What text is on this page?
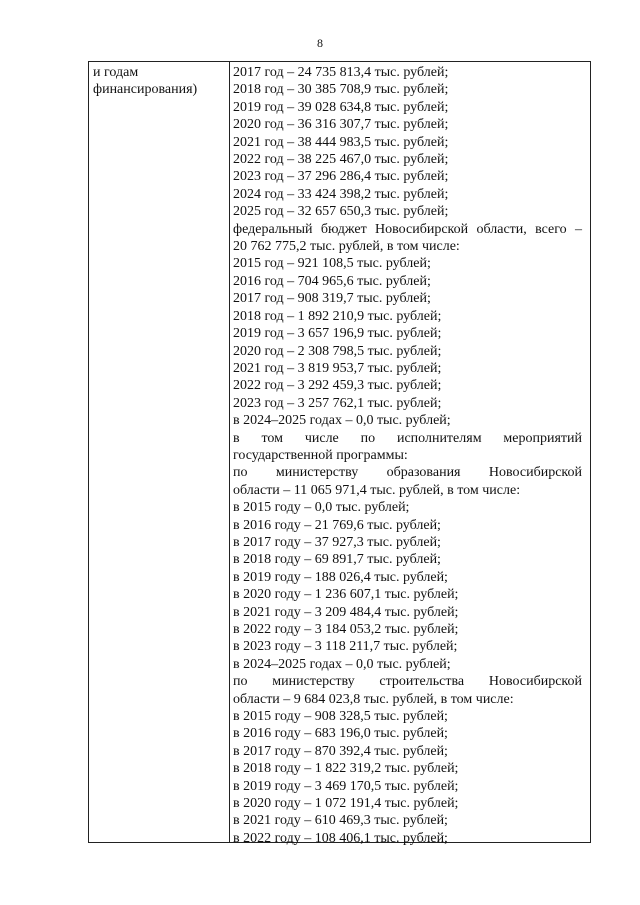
8
и годам
финансирования)
2017 год – 24 735 813,4 тыс. рублей;
2018 год – 30 385 708,9 тыс. рублей;
2019 год – 39 028 634,8 тыс. рублей;
2020 год – 36 316 307,7 тыс. рублей;
2021 год – 38 444 983,5 тыс. рублей;
2022 год – 38 225 467,0 тыс. рублей;
2023 год – 37 296 286,4 тыс. рублей;
2024 год – 33 424 398,2 тыс. рублей;
2025 год – 32 657 650,3 тыс. рублей;
федеральный бюджет Новосибирской области, всего –
20 762 775,2 тыс. рублей, в том числе:
2015 год – 921 108,5 тыс. рублей;
2016 год – 704 965,6 тыс. рублей;
2017 год – 908 319,7 тыс. рублей;
2018 год – 1 892 210,9 тыс. рублей;
2019 год – 3 657 196,9 тыс. рублей;
2020 год – 2 308 798,5 тыс. рублей;
2021 год – 3 819 953,7 тыс. рублей;
2022 год – 3 292 459,3 тыс. рублей;
2023 год – 3 257 762,1 тыс. рублей;
в 2024–2025 годах – 0,0 тыс. рублей;
в том числе по исполнителям мероприятий
государственной программы:
по министерству образования Новосибирской
области – 11 065 971,4 тыс. рублей, в том числе:
в 2015 году – 0,0 тыс. рублей;
в 2016 году – 21 769,6 тыс. рублей;
в 2017 году – 37 927,3 тыс. рублей;
в 2018 году – 69 891,7 тыс. рублей;
в 2019 году – 188 026,4 тыс. рублей;
в 2020 году – 1 236 607,1 тыс. рублей;
в 2021 году – 3 209 484,4 тыс. рублей;
в 2022 году – 3 184 053,2 тыс. рублей;
в 2023 году – 3 118 211,7 тыс. рублей;
в 2024–2025 годах – 0,0 тыс. рублей;
по министерству строительства Новосибирской
области – 9 684 023,8 тыс. рублей, в том числе:
в 2015 году – 908 328,5 тыс. рублей;
в 2016 году – 683 196,0 тыс. рублей;
в 2017 году – 870 392,4 тыс. рублей;
в 2018 году – 1 822 319,2 тыс. рублей;
в 2019 году – 3 469 170,5 тыс. рублей;
в 2020 году – 1 072 191,4 тыс. рублей;
в 2021 году – 610 469,3 тыс. рублей;
в 2022 году – 108 406,1 тыс. рублей;
